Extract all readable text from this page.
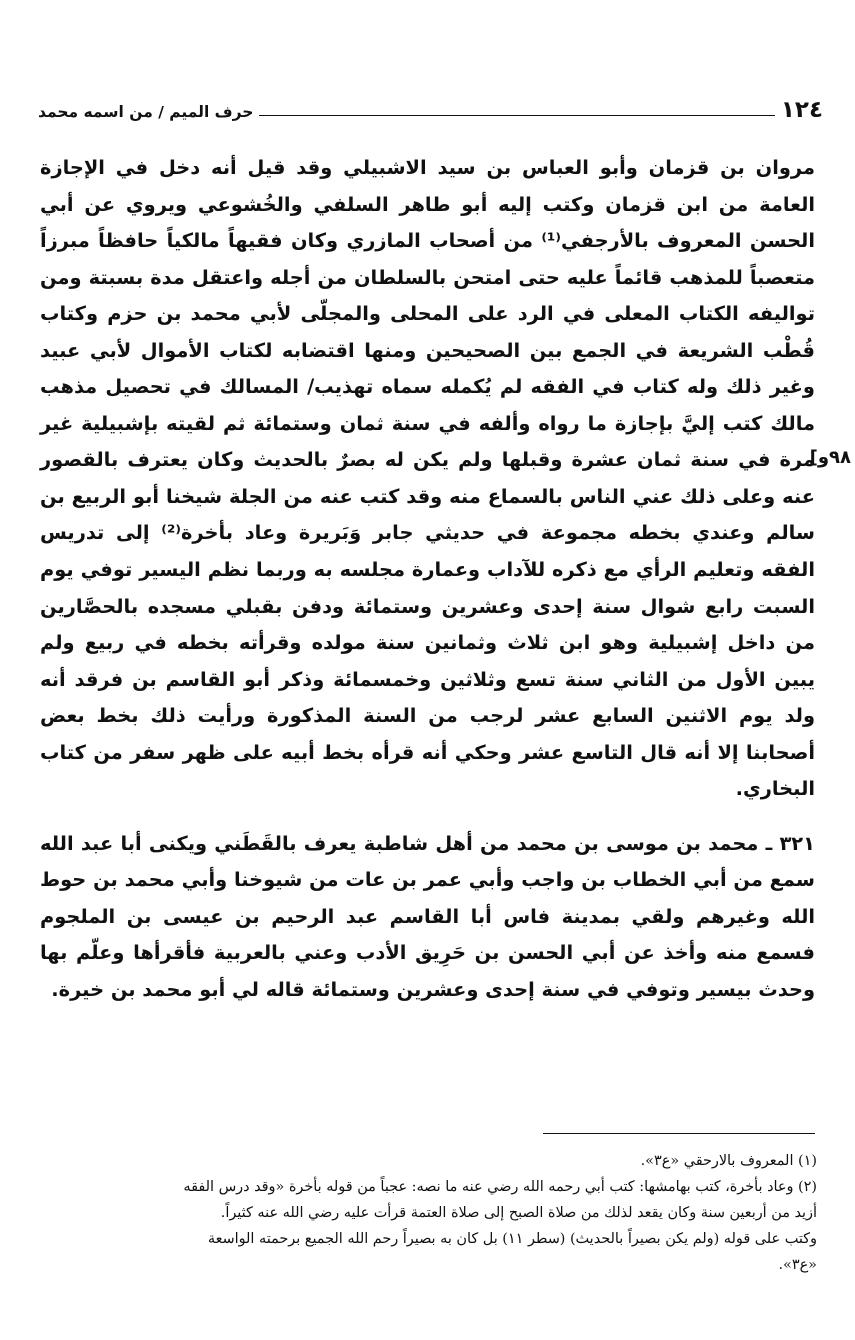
١٢٤
حرف الميم / من اسمه محمد
٩٨و]

مروان بن قزمان وأبو العباس بن سيد الاشبيلي وقد قيل أنه دخل في الإجازة العامة من ابن قزمان وكتب إليه أبو طاهر السلفي والخُشوعي ويروي عن أبي الحسن المعروف بالأرجفي⁽¹⁾ من أصحاب المازري وكان فقيهاً مالكياً حافظاً مبرزاً متعصباً للمذهب قائماً عليه حتى امتحن بالسلطان من أجله واعتقل مدة بسبتة ومن تواليفه الكتاب المعلى في الرد على المحلى والمجلّى لأبي محمد بن حزم وكتاب قُطْب الشريعة في الجمع بين الصحيحين ومنها اقتضابه لكتاب الأموال لأبي عبيد وغير ذلك وله كتاب في الفقه لم يُكمله سماه تهذيب/ المسالك في تحصيل مذهب مالك كتب إليَّ بإجازة ما رواه وألفه في سنة ثمان وستمائة ثم لقيته بإشبيلية غير مرة في سنة ثمان عشرة وقبلها ولم يكن له بصرٌ بالحديث وكان يعترف بالقصور عنه وعلى ذلك عني الناس بالسماع منه وقد كتب عنه من الجلة شيخنا أبو الربيع بن سالم وعندي بخطه مجموعة في حديثي جابر وَبَريرة وعاد بأخرة⁽²⁾ إلى تدريس الفقه وتعليم الرأي مع ذكره للآداب وعمارة مجلسه به وربما نظم اليسير توفي يوم السبت رابع شوال سنة إحدى وعشرين وستمائة ودفن بقبلي مسجده بالحصَّارين من داخل إشبيلية وهو ابن ثلاث وثمانين سنة مولده وقرأته بخطه في ربيع ولم يبين الأول من الثاني سنة تسع وثلاثين وخمسمائة وذكر أبو القاسم بن فرقد أنه ولد يوم الاثنين السابع عشر لرجب من السنة المذكورة ورأيت ذلك بخط بعض أصحابنا إلا أنه قال التاسع عشر وحكي أنه قرأه بخط أبيه على ظهر سفر من كتاب البخاري.

٣٢١ ـ محمد بن موسى بن محمد من أهل شاطبة يعرف بالقَطَني ويكنى أبا عبد الله سمع من أبي الخطاب بن واجب وأبي عمر بن عات من شيوخنا وأبي محمد بن حوط الله وغيرهم ولقي بمدينة فاس أبا القاسم عبد الرحيم بن عيسى بن الملجوم فسمع منه وأخذ عن أبي الحسن بن حَرِيق الأدب وعني بالعربية فأقرأها وعلّم بها وحدث بيسير وتوفي في سنة إحدى وعشرين وستمائة قاله لي أبو محمد بن خيرة.

(١) المعروف بالارحقي «ع٣».

(٢) وعاد بأخرة، كتب بهامشها: كتب أبي رحمه الله رضي عنه ما نصه: عجباً من قوله بأخرة «وقد درس الفقه

أزيد من أربعين سنة وكان يقعد لذلك من صلاة الصبح إلى صلاة العتمة قرأت عليه رضي الله عنه كثيراً.

وكتب على قوله (ولم يكن بصيراً بالحديث) (سطر ١١) بل كان به بصيراً رحم الله الجميع برحمته الواسعة

«ع٣».
